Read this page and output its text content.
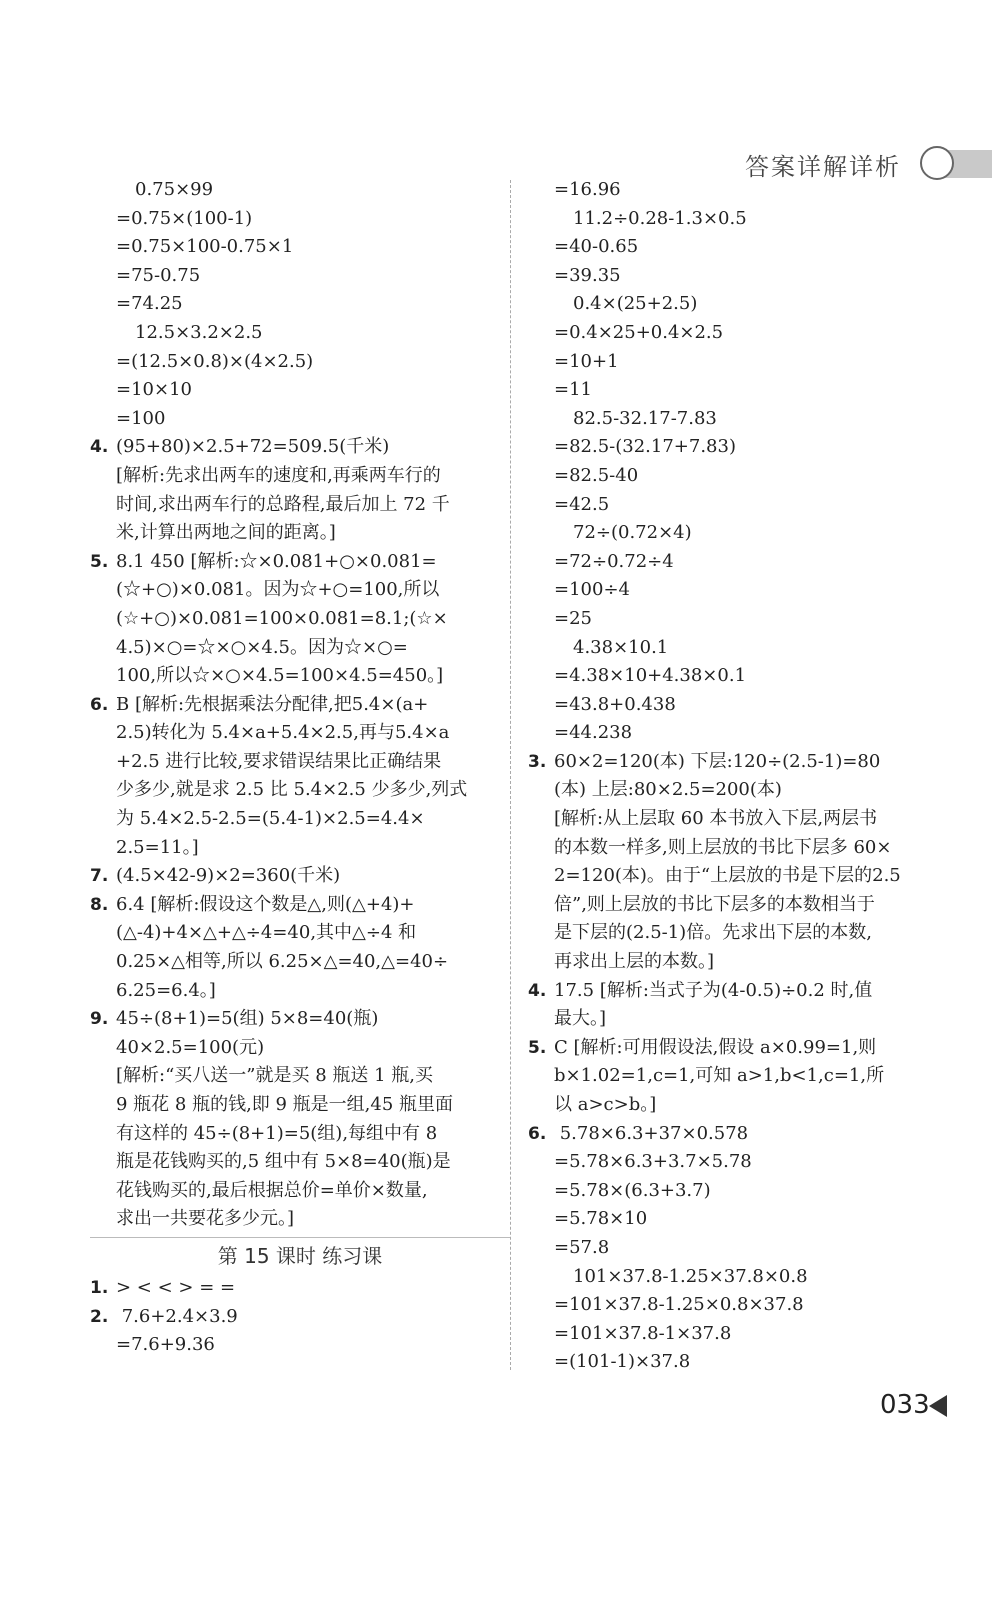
答案详解详析
0.75×99
=0.75×(100-1)
=0.75×100-0.75×1
=75-0.75
=74.25
12.5×3.2×2.5
=(12.5×0.8)×(4×2.5)
=10×10
=100
4. (95+80)×2.5+72=509.5(千米)
[解析:先求出两车的速度和,再乘两车行的
时间,求出两车行的总路程,最后加上 72 千
米,计算出两地之间的距离。]
5. 8.1 450 [解析:☆×0.081+○×0.081=
(☆+○)×0.081。因为☆+○=100,所以
(☆+○)×0.081=100×0.081=8.1;(☆×
4.5)×○=☆×○×4.5。因为☆×○=
100,所以☆×○×4.5=100×4.5=450。]
6. B [解析:先根据乘法分配律,把5.4×(a+
2.5)转化为 5.4×a+5.4×2.5,再与5.4×a
+2.5 进行比较,要求错误结果比正确结果
少多少,就是求 2.5 比 5.4×2.5 少多少,列式
为 5.4×2.5-2.5=(5.4-1)×2.5=4.4×
2.5=11。]
7. (4.5×42-9)×2=360(千米)
8. 6.4 [解析:假设这个数是△,则(△+4)+
(△-4)+4×△+△÷4=40,其中△÷4 和
0.25×△相等,所以 6.25×△=40,△=40÷
6.25=6.4。]
9. 45÷(8+1)=5(组) 5×8=40(瓶)
40×2.5=100(元)
[解析:“买八送一”就是买 8 瓶送 1 瓶,买
9 瓶花 8 瓶的钱,即 9 瓶是一组,45 瓶里面
有这样的 45÷(8+1)=5(组),每组中有 8
瓶是花钱购买的,5 组中有 5×8=40(瓶)是
花钱购买的,最后根据总价=单价×数量,
求出一共要花多少元。]
=16.96
11.2÷0.28-1.3×0.5
=40-0.65
=39.35
0.4×(25+2.5)
=0.4×25+0.4×2.5
=10+1
=11
82.5-32.17-7.83
=82.5-(32.17+7.83)
=82.5-40
=42.5
72÷(0.72×4)
=72÷0.72÷4
=100÷4
=25
4.38×10.1
=4.38×10+4.38×0.1
=43.8+0.438
=44.238
3. 60×2=120(本) 下层:120÷(2.5-1)=80
(本) 上层:80×2.5=200(本)
[解析:从上层取 60 本书放入下层,两层书
的本数一样多,则上层放的书比下层多 60×
2=120(本)。由于“上层放的书是下层的2.5
倍”,则上层放的书比下层多的本数相当于
是下层的(2.5-1)倍。先求出下层的本数,
再求出上层的本数。]
4. 17.5 [解析:当式子为(4-0.5)÷0.2 时,值
最大。]
5. C [解析:可用假设法,假设 a×0.99=1,则
b×1.02=1,c=1,可知 a>1,b<1,c=1,所
以 a>c>b。]
6. 5.78×6.3+37×0.578
=5.78×6.3+3.7×5.78
=5.78×(6.3+3.7)
=5.78×10
=57.8
101×37.8-1.25×37.8×0.8
=101×37.8-1.25×0.8×37.8
=101×37.8-1×37.8
=(101-1)×37.8
第 15 课时 练习课
1. > < < > = =
2. 7.6+2.4×3.9
=7.6+9.36
033
